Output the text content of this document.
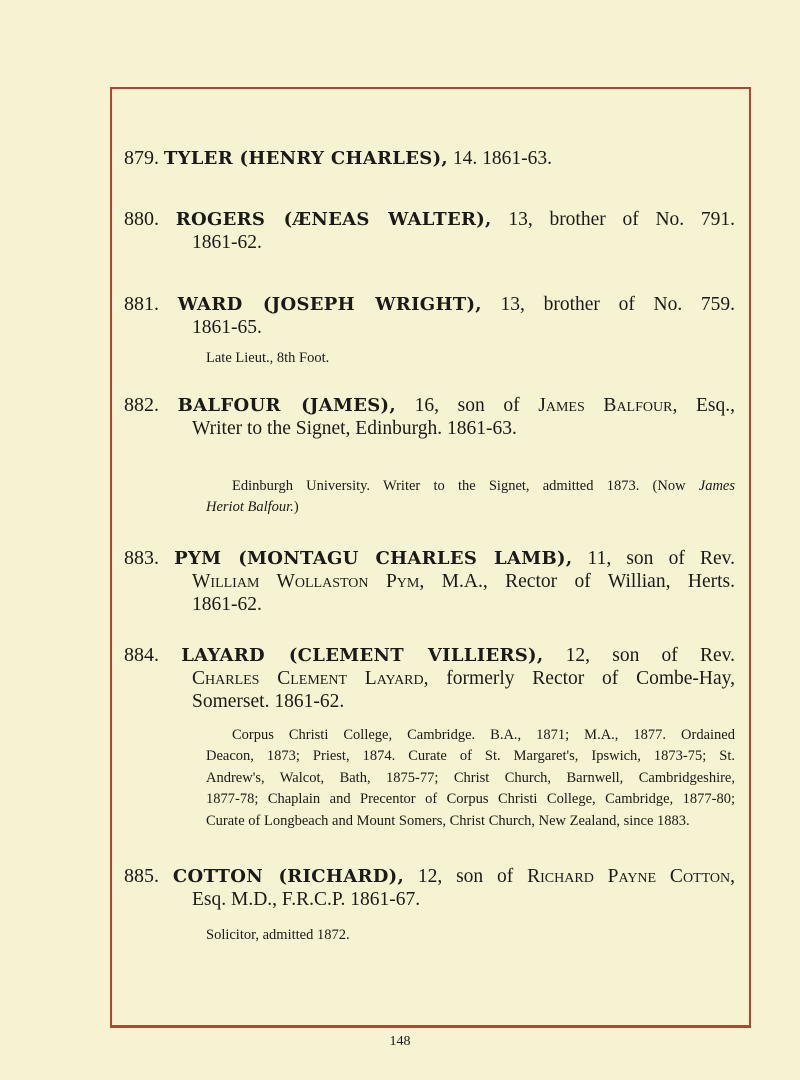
879. TYLER (HENRY CHARLES), 14. 1861-63.
880. ROGERS (ÆNEAS WALTER), 13, brother of No. 791.
1861-62.
881. WARD (JOSEPH WRIGHT), 13, brother of No. 759.
1861-65.
Late Lieut., 8th Foot.
882. BALFOUR (JAMES), 16, son of James Balfour, Esq.,
Writer to the Signet, Edinburgh. 1861-63.
Edinburgh University. Writer to the Signet, admitted 1873. (Now James
Heriot Balfour.)
883. PYM (MONTAGU CHARLES LAMB), 11, son of Rev.
William Wollaston Pym, M.A., Rector of Willian, Herts.
1861-62.
884. LAYARD (CLEMENT VILLIERS), 12, son of Rev.
Charles Clement Layard, formerly Rector of Combe-Hay,
Somerset. 1861-62.
Corpus Christi College, Cambridge. B.A., 1871; M.A., 1877. Ordained
Deacon, 1873; Priest, 1874. Curate of St. Margaret's, Ipswich, 1873-75; St.
Andrew's, Walcot, Bath, 1875-77; Christ Church, Barnwell, Cambridgeshire,
1877-78; Chaplain and Precentor of Corpus Christi College, Cambridge, 1877-80;
Curate of Longbeach and Mount Somers, Christ Church, New Zealand, since 1883.
885. COTTON (RICHARD), 12, son of Richard Payne Cotton,
Esq. M.D., F.R.C.P. 1861-67.
Solicitor, admitted 1872.
148
